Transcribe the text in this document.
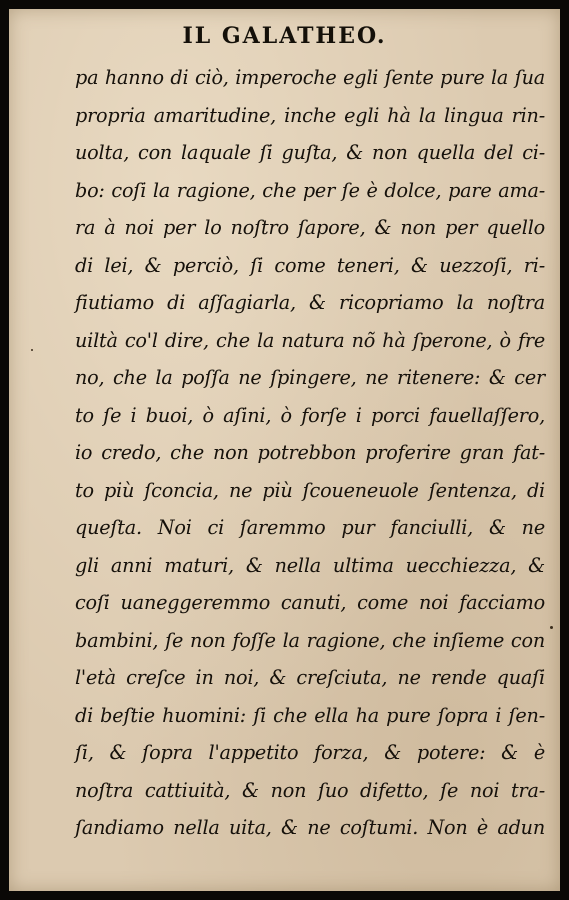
IL GALATHEO.
pa hanno di ciò, imperoche egli ſente pure la ſua
propria amaritudine, inche egli hà la lingua rin-
uolta, con laquale ſi guſta, & non quella del ci-
bo: coſi la ragione, che per ſe è dolce, pare ama-
ra à noi per lo noſtro ſapore, & non per quello
di lei, & perciò, ſi come teneri, & uezzoſi, ri-
fiutiamo di aſſagiarla, & ricopriamo la noſtra
uiltà co'l dire, che la natura nõ hà ſperone, ò fre
no, che la poſſa ne ſpingere, ne ritenere: & cer
to ſe i buoi, ò aſini, ò forſe i porci fauellaſſero,
io credo, che non potrebbon proferire gran fat-
to più ſconcia, ne più ſcoueneuole ſentenza, di
queſta. Noi ci ſaremmo pur fanciulli, & ne
gli anni maturi, & nella ultima uecchiezza, &
coſi uaneggeremmo canuti, come noi facciamo
bambini, ſe non foſſe la ragione, che inſieme con
l'età creſce in noi, & creſciuta, ne rende quaſi
di beſtie huomini: ſi che ella ha pure ſopra i ſen-
ſi, & ſopra l'appetito forza, & potere: & è
noſtra cattiuità, & non ſuo difetto, ſe noi tra-
ſandiamo nella uita, & ne coſtumi. Non è adun
